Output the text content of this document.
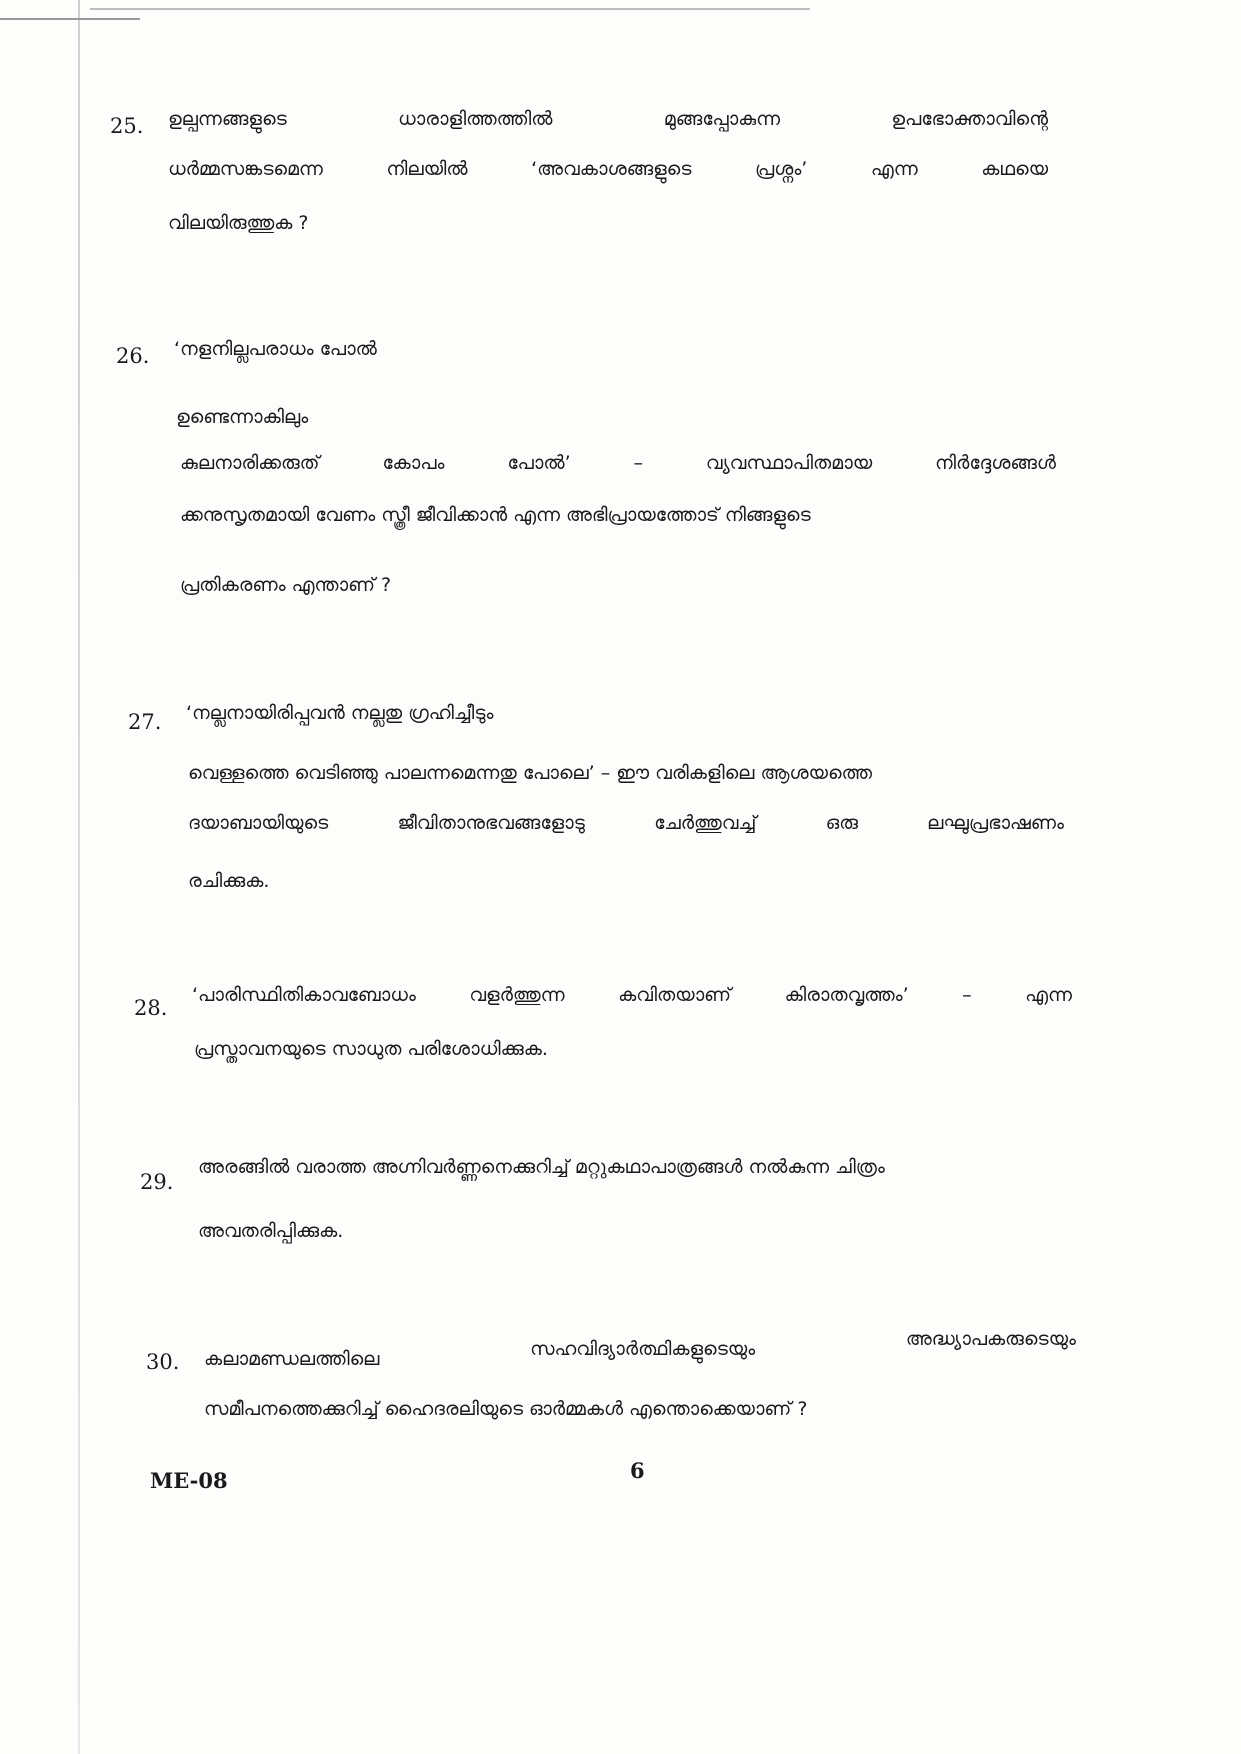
25.	ഉല്പന്നങ്ങളുടെ	ധാരാളിത്തത്തിൽ	മുങ്ങപ്പോകുന്ന	ഉപഭോക്താവിന്റെ
ധർമ്മസങ്കടമെന്ന	നിലയിൽ	‘അവകാശങ്ങളുടെ	പ്രശ്നം’	എന്ന	കഥയെ
വിലയിരുത്തുക ?
26.	‘നളനില്ലപരാധം പോൽ
ഉണ്ടെന്നാകിലും
കുലനാരിക്കരുത്	കോപം	പോൽ’	–	വ്യവസ്ഥാപിതമായ	നിർദ്ദേശങ്ങൾ
ക്കനുസൃതമായി വേണം സ്ത്രീ ജീവിക്കാൻ എന്ന അഭിപ്രായത്തോട് നിങ്ങളുടെ
പ്രതികരണം എന്താണ് ?
27.	‘നല്ലനായിരിപ്പവൻ നല്ലതു ഗ്രഹിച്ചീടും
വെള്ളത്തെ വെടിഞ്ഞു പാലന്നമെന്നതു പോലെ’ – ഈ വരികളിലെ ആശയത്തെ
ദയാബായിയുടെ	ജീവിതാനുഭവങ്ങളോടു	ചേർത്തുവച്ച്	ഒരു	ലഘുപ്രഭാഷണം
രചിക്കുക.
28.
‘പാരിസ്ഥിതികാവബോധം	വളർത്തുന്ന	കവിതയാണ്	കിരാതവൃത്തം’	–	എന്ന
പ്രസ്താവനയുടെ സാധുത പരിശോധിക്കുക.
29.
അരങ്ങിൽ വരാത്ത അഗ്നിവർണ്ണനെക്കുറിച്ച് മറ്റുകഥാപാത്രങ്ങൾ നൽകുന്ന ചിത്രം
അവതരിപ്പിക്കുക.
30.	കലാമണ്ഡലത്തിലെ	സഹവിദ്യാർത്ഥികളുടെയും	അദ്ധ്യാപകരുടെയും
സമീപനത്തെക്കുറിച്ച് ഹൈദരലിയുടെ ഓർമ്മകൾ എന്തൊക്കെയാണ് ?
ME-08	6
